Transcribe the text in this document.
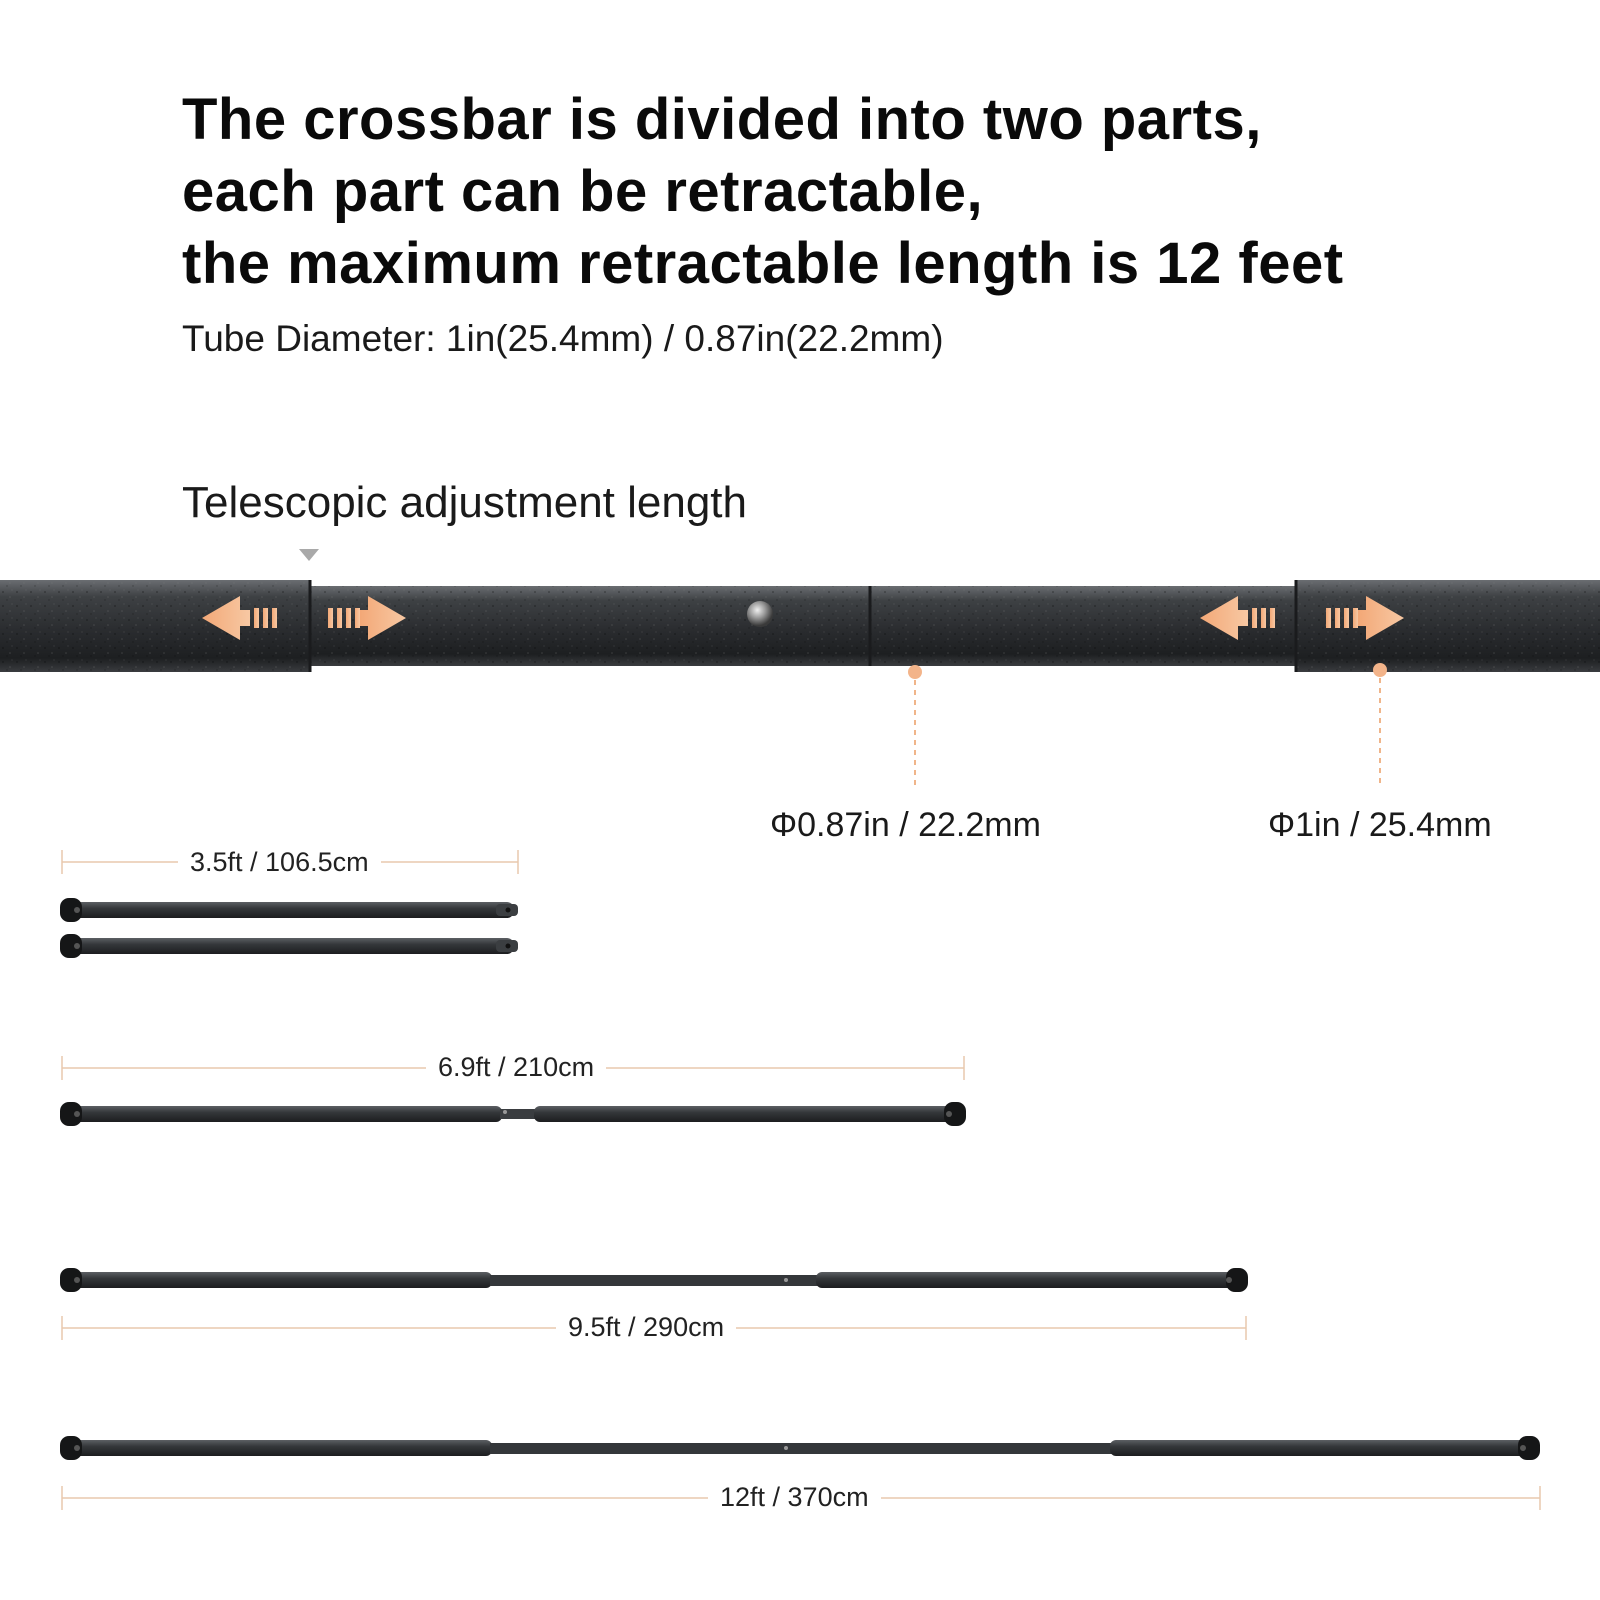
The crossbar is divided into two parts,
each part can be retractable,
the maximum retractable length is 12 feet
Tube Diameter: 1in(25.4mm) / 0.87in(22.2mm)
Telescopic adjustment length
Φ0.87in / 22.2mm	Φ1in / 25.4mm
3.5ft / 106.5cm
6.9ft / 210cm
9.5ft / 290cm
12ft / 370cm
